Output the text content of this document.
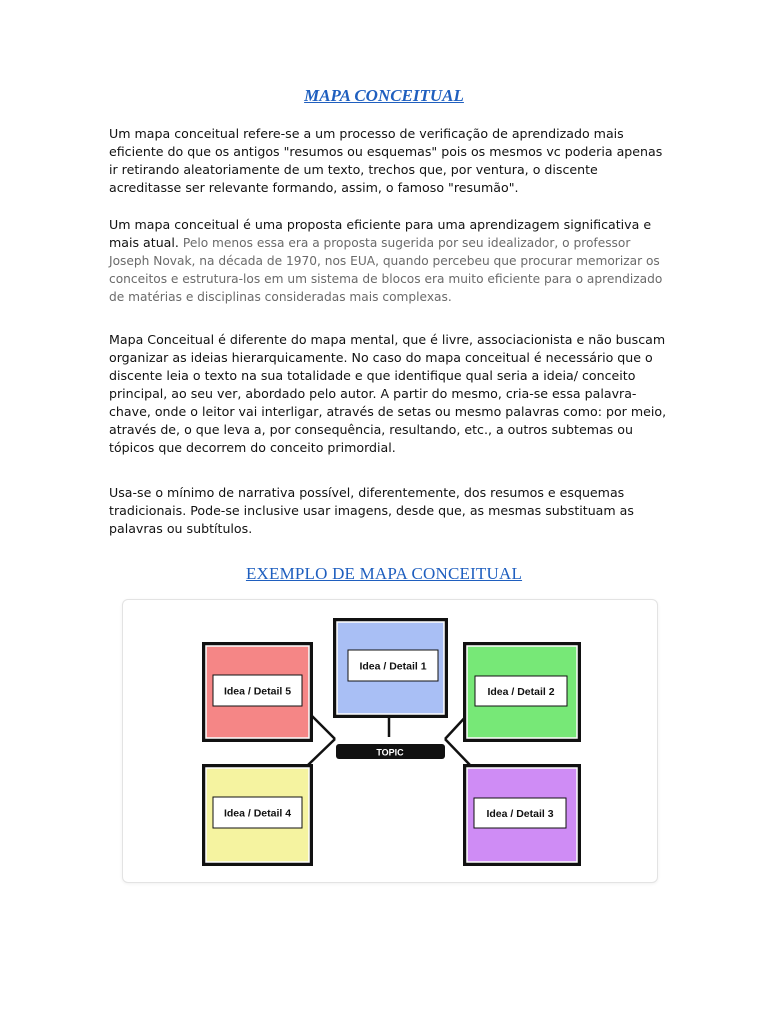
MAPA CONCEITUAL

Um mapa conceitual refere-se a um processo de verificação de aprendizado mais eficiente do que os antigos "resumos ou esquemas" pois os mesmos vc poderia apenas ir retirando aleatoriamente de um texto, trechos que, por ventura, o discente acreditasse ser relevante formando, assim, o famoso "resumão".

Um mapa conceitual é uma proposta eficiente para uma aprendizagem significativa e mais atual. Pelo menos essa era a proposta sugerida por seu idealizador, o professor Joseph Novak, na década de 1970, nos EUA, quando percebeu que procurar memorizar os conceitos e estrutura-los em um sistema de blocos era muito eficiente para o aprendizado de matérias e disciplinas consideradas mais complexas.

Mapa Conceitual é diferente do mapa mental, que é livre, associacionista e não buscam organizar as ideias hierarquicamente. No caso do mapa conceitual é necessário que o discente leia o texto na sua totalidade e que identifique qual seria a ideia/ conceito principal, ao seu ver, abordado pelo autor. A partir do mesmo, cria-se essa palavra-chave, onde o leitor vai interligar, através de setas ou mesmo palavras como: por meio, através de, o que leva a, por consequência, resultando, etc., a outros subtemas ou tópicos que decorrem do conceito primordial.

Usa-se o mínimo de narrativa possível, diferentemente, dos resumos e esquemas tradicionais. Pode-se inclusive usar imagens, desde que, as mesmas substituam as palavras ou subtítulos.

EXEMPLO DE MAPA CONCEITUAL
TOPIC
Idea / Detail 1
Idea / Detail 5	Idea / Detail 2
Idea / Detail 4	Idea / Detail 3
